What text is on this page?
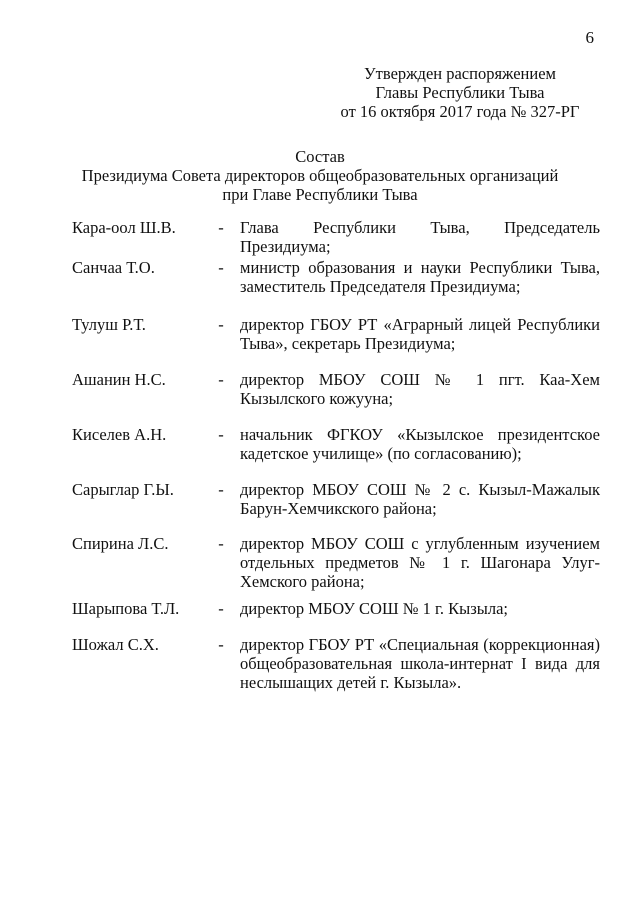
6
Утвержден распоряжением
Главы Республики Тыва
от 16 октября 2017 года № 327-РГ
Состав
Президиума Совета директоров общеобразовательных организаций
при Главе Республики Тыва
Кара-оол Ш.В.	- Глава Республики Тыва, Председатель Президиума;
Санчаа Т.О.	- министр образования и науки Республики Тыва, заместитель Председателя Президиума;
Тулуш Р.Т.	- директор ГБОУ РТ «Аграрный лицей Республики Тыва», секретарь Президиума;
Ашанин Н.С.	- директор МБОУ СОШ № 1 пгт. Каа-Хем Кызылского кожууна;
Киселев А.Н.	- начальник ФГКОУ «Кызылское президентское кадетское училище» (по согласованию);
Сарыглар Г.Ы.	- директор МБОУ СОШ № 2 с. Кызыл-Мажалык Барун-Хемчикского района;
Спирина Л.С.	- директор МБОУ СОШ с углубленным изучением отдельных предметов № 1 г. Шагонара Улуг-Хемского района;
Шарыпова Т.Л.	- директор МБОУ СОШ № 1 г. Кызыла;
Шожал С.Х.	- директор ГБОУ РТ «Специальная (коррекционная) общеобразовательная школа-интернат I вида для неслышащих детей г. Кызыла».
